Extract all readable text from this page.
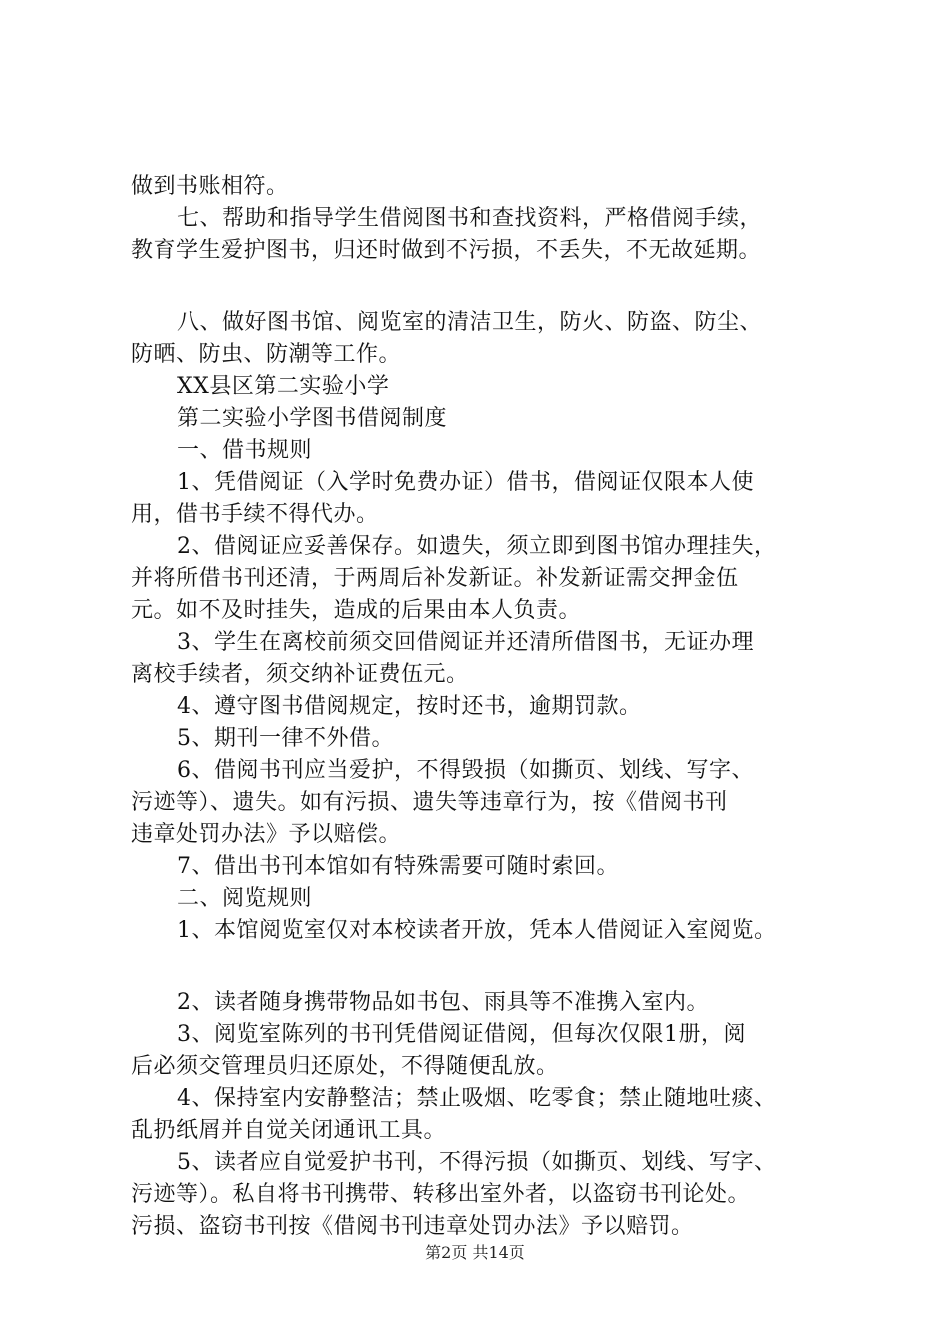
做到书账相符。
七、帮助和指导学生借阅图书和查找资料，严格借阅手续，
教育学生爱护图书，归还时做到不污损，不丢失，不无故延期。
八、做好图书馆、阅览室的清洁卫生，防火、防盗、防尘、
防晒、防虫、防潮等工作。
XX县区第二实验小学
第二实验小学图书借阅制度
一、借书规则
1、凭借阅证（入学时免费办证）借书，借阅证仅限本人使
用，借书手续不得代办。
2、借阅证应妥善保存。如遗失，须立即到图书馆办理挂失，
并将所借书刊还清，于两周后补发新证。补发新证需交押金伍
元。如不及时挂失，造成的后果由本人负责。
3、学生在离校前须交回借阅证并还清所借图书，无证办理
离校手续者，须交纳补证费伍元。
4、遵守图书借阅规定，按时还书，逾期罚款。
5、期刊一律不外借。
6、借阅书刊应当爱护，不得毁损（如撕页、划线、写字、
污迹等）、遗失。如有污损、遗失等违章行为，按《借阅书刊
违章处罚办法》予以赔偿。
7、借出书刊本馆如有特殊需要可随时索回。
二、阅览规则
1、本馆阅览室仅对本校读者开放，凭本人借阅证入室阅览。
2、读者随身携带物品如书包、雨具等不准携入室内。
3、阅览室陈列的书刊凭借阅证借阅，但每次仅限1册，阅
后必须交管理员归还原处，不得随便乱放。
4、保持室内安静整洁；禁止吸烟、吃零食；禁止随地吐痰、
乱扔纸屑并自觉关闭通讯工具。
5、读者应自觉爱护书刊，不得污损（如撕页、划线、写字、
污迹等）。私自将书刊携带、转移出室外者，以盗窃书刊论处。
污损、盗窃书刊按《借阅书刊违章处罚办法》予以赔罚。
第2页 共14页
